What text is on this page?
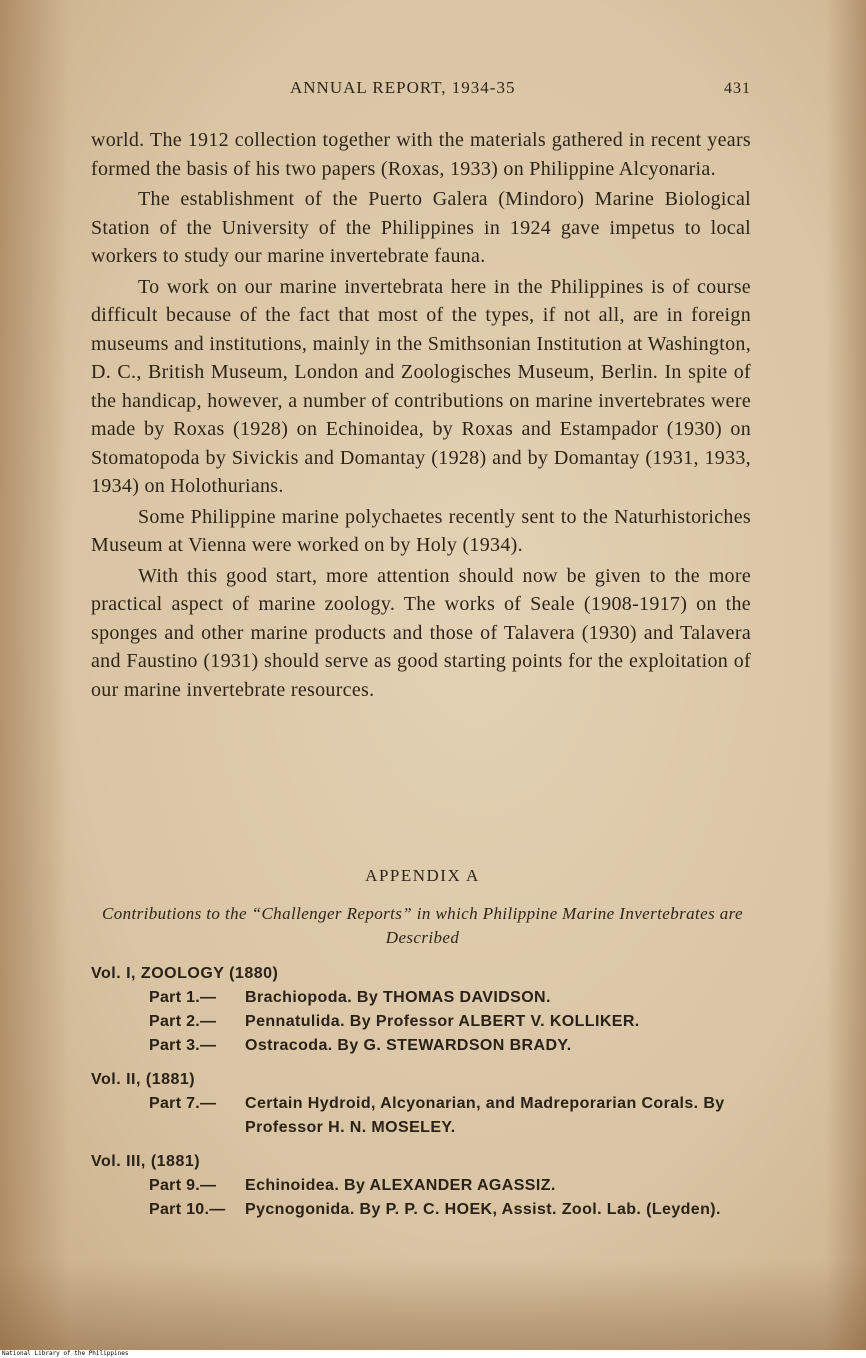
ANNUAL REPORT, 1934-35	431

world. The 1912 collection together with the materials gathered in recent years formed the basis of his two papers (Roxas, 1933) on Philippine Alcyonaria.

The establishment of the Puerto Galera (Mindoro) Marine Biological Station of the University of the Philippines in 1924 gave impetus to local workers to study our marine invertebrate fauna.

To work on our marine invertebrata here in the Philippines is of course difficult because of the fact that most of the types, if not all, are in foreign museums and institutions, mainly in the Smithsonian Institution at Washington, D. C., British Museum, London and Zoologisches Museum, Berlin. In spite of the handicap, however, a number of contributions on marine invertebrates were made by Roxas (1928) on Echinoidea, by Roxas and Estampador (1930) on Stomatopoda by Sivickis and Domantay (1928) and by Domantay (1931, 1933, 1934) on Holothurians.

Some Philippine marine polychaetes recently sent to the Naturhistoriches Museum at Vienna were worked on by Holy (1934).

With this good start, more attention should now be given to the more practical aspect of marine zoology. The works of Seale (1908-1917) on the sponges and other marine products and those of Talavera (1930) and Talavera and Faustino (1931) should serve as good starting points for the exploitation of our marine invertebrate resources.

APPENDIX A
Contributions to the “Challenger Reports” in which Philippine Marine Invertebrates are Described
Vol. I, ZOOLOGY (1880)
Part 1.—	Brachiopoda. By THOMAS DAVIDSON.
Part 2.—	Pennatulida. By Professor ALBERT V. KOLLIKER.
Part 3.—	Ostracoda. By G. STEWARDSON BRADY.
Vol. II, (1881)
Part 7.—	Certain Hydroid, Alcyonarian, and Madreporarian Corals. By Professor H. N. MOSELEY.
Vol. III, (1881)
Part 9.—	Echinoidea. By ALEXANDER AGASSIZ.
Part 10.—	Pycnogonida. By P. P. C. HOEK, Assist. Zool. Lab. (Leyden).
National Library of the Philippines
